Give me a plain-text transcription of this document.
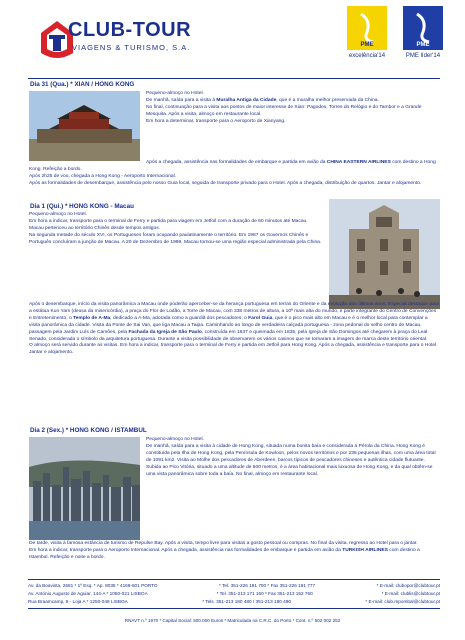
CLUB-TOUR
VIAGENS & TURISMO, S.A.	PME
excelência'14
PME
PME líder'14
Dia 31 (Qua.) * XIAN / HONG KONG

Pequeno-almoço no Hotel.

De manhã, saída para a visita à Muralha Antiga da Cidade, que é a muralha melhor preservada da China.

No final, continuação para a visita aos pontos de maior interesse de Xian: Pagodes, Torres do Relógio e do Tambor e a Grande Mesquita. Após a visita, almoço em restaurante local.

Em hora a determinar, transporte para o Aeroporto de Xianyang.

Após a chegada, assistência nas formalidades de embarque e partida em avião da CHINA EASTERN AIRLINES com destino a Hong Kong. Refeição a bordo.

Após 2h25 de voo, chegada a Hong Kong - Aeroporto Internacional.

Após as formalidades de desembarque, assistência pelo nosso Guia local, seguida de transporte privado para o Hotel. Após a chegada, distribuição de quartos. Jantar e alojamento.

Dia 1 (Qui.) * HONG KONG - Macau

Pequeno-almoço no Hotel.

Em hora a indicar, transporte para o terminal de Ferry e partida para viagem em Jetfoil com a duração de 60 minutos até Macau.

Macau pertenceu ao território Chinês desde tempos antigos.

Na segunda metade do século XVI, os Portugueses foram ocupando paulatinamente o território. Em 1987 os Governos Chinês e Português concluíram a junção de Macau. A 20 de Dezembro de 1999, Macau tornou-se uma região especial administrada pela China.

Após o desembarque, início da visita panorâmica a Macau onde poderão aperceber-se da herança portuguesa em terras do Oriente e da evolução dos últimos anos. Especial destaque para a estátua Kun Yam (deusa da misericórdia), a praça do Flor de Lodão, a Torre de Macau, com 338 metros de altura, a 10ª mais alta do mundo, e parte integrante do Centro de Convenções e Entretenimento, o Templo de A-Ma, dedicado a A-Ma, adorada como a guardiã dos pescadores; o Farol Guia, que é o pico mais alto em Macau e é o melhor local para contemplar a visita panorâmica da cidade. Visita da Ponte de Sai Van, que liga Macau a Taipa. Caminhando ao longo de verdadeira calçada portuguesa - zona pedonal do velho centro de Macau, passagem pela Jardim Luís de Camões, pela Fachada da Igreja de São Paulo, construída em 1637 e queimada em 1835, pela Igreja de São Domingos até chegarem à praça do Leal Senado, considerada o símbolo da arquitetura portuguesa. Durante a visita possibilidade de observarem os vários casinos que se tornaram a imagem de marca deste território oriental.

O almoço será servido durante as visitas. Em hora a indicar, transporte para o terminal de Ferry e partida em Jetfoil para Hong Kong. Após a chegada, assistência e transporte para o Hotel. Jantar e alojamento.

Dia 2 (Sex.) * HONG KONG / ISTAMBUL

Pequeno-almoço no Hotel.

De manhã, saída para a visita à cidade de Hong Kong, situada numa bonita baía e considerada a Pérola da China. Hong Kong é constituída pela Ilha de Hong Kong, pela Península de Kowloon, pelos novos territórios e por 235 pequenas ilhas, com uma área total de 1091 km2. Visita ao Molhe dos pescadores de Aberdeen, barcos típicos de pescadores chineses e autêntica cidade flutuante. Subida ao Pico Vitória, situado a uma altitude de 600 metros, é a área habitacional mais luxuosa de Hong Kong, e da qual obtêm-se uma vista panorâmica sobre toda a baía. No final, almoço em restaurante local.

De tarde, visita à famosa estância de turismo de Repulse Bay. Após a visita, tempo livre para visitas a gosto pessoal ou compras. No final da visita, regresso ao Hotel para o jantar.

Em hora a indicar, transporte para o Aeroporto Internacional. Após a chegada, assistência nas formalidades de embarque e partida em avião da TURKISH AIRLINES com destino a Istambul. Refeição e noite a bordo.

Av. da Boavista, 2681 * 1º Esq. * Ap. 8035 * 4169-601 PORTO	* Tel. 351-226 191 700 * Fax 351-226 191 777	* E-mail: clubopor@clubtour.pt
Av. António Augusto de Aguiar, 144-A * 1050-021 LISBOA	* Tel. 351-213 171 160 * Fax 351-213 152 760	* E-mail: clublis@clubtour.pt
Rua Braamcamp, 9 - Loja A * 1250-048 LISBOA	* Tels. 351-213 180 480 / 351-213 180 490	* E-mail: club.mpombal@clubtour.pt
RNAVT n.º 1970 * Capital Social: 500.000 Euros * Matriculada na C.R.C. do Porto * Cont. n.º 502 002 252
